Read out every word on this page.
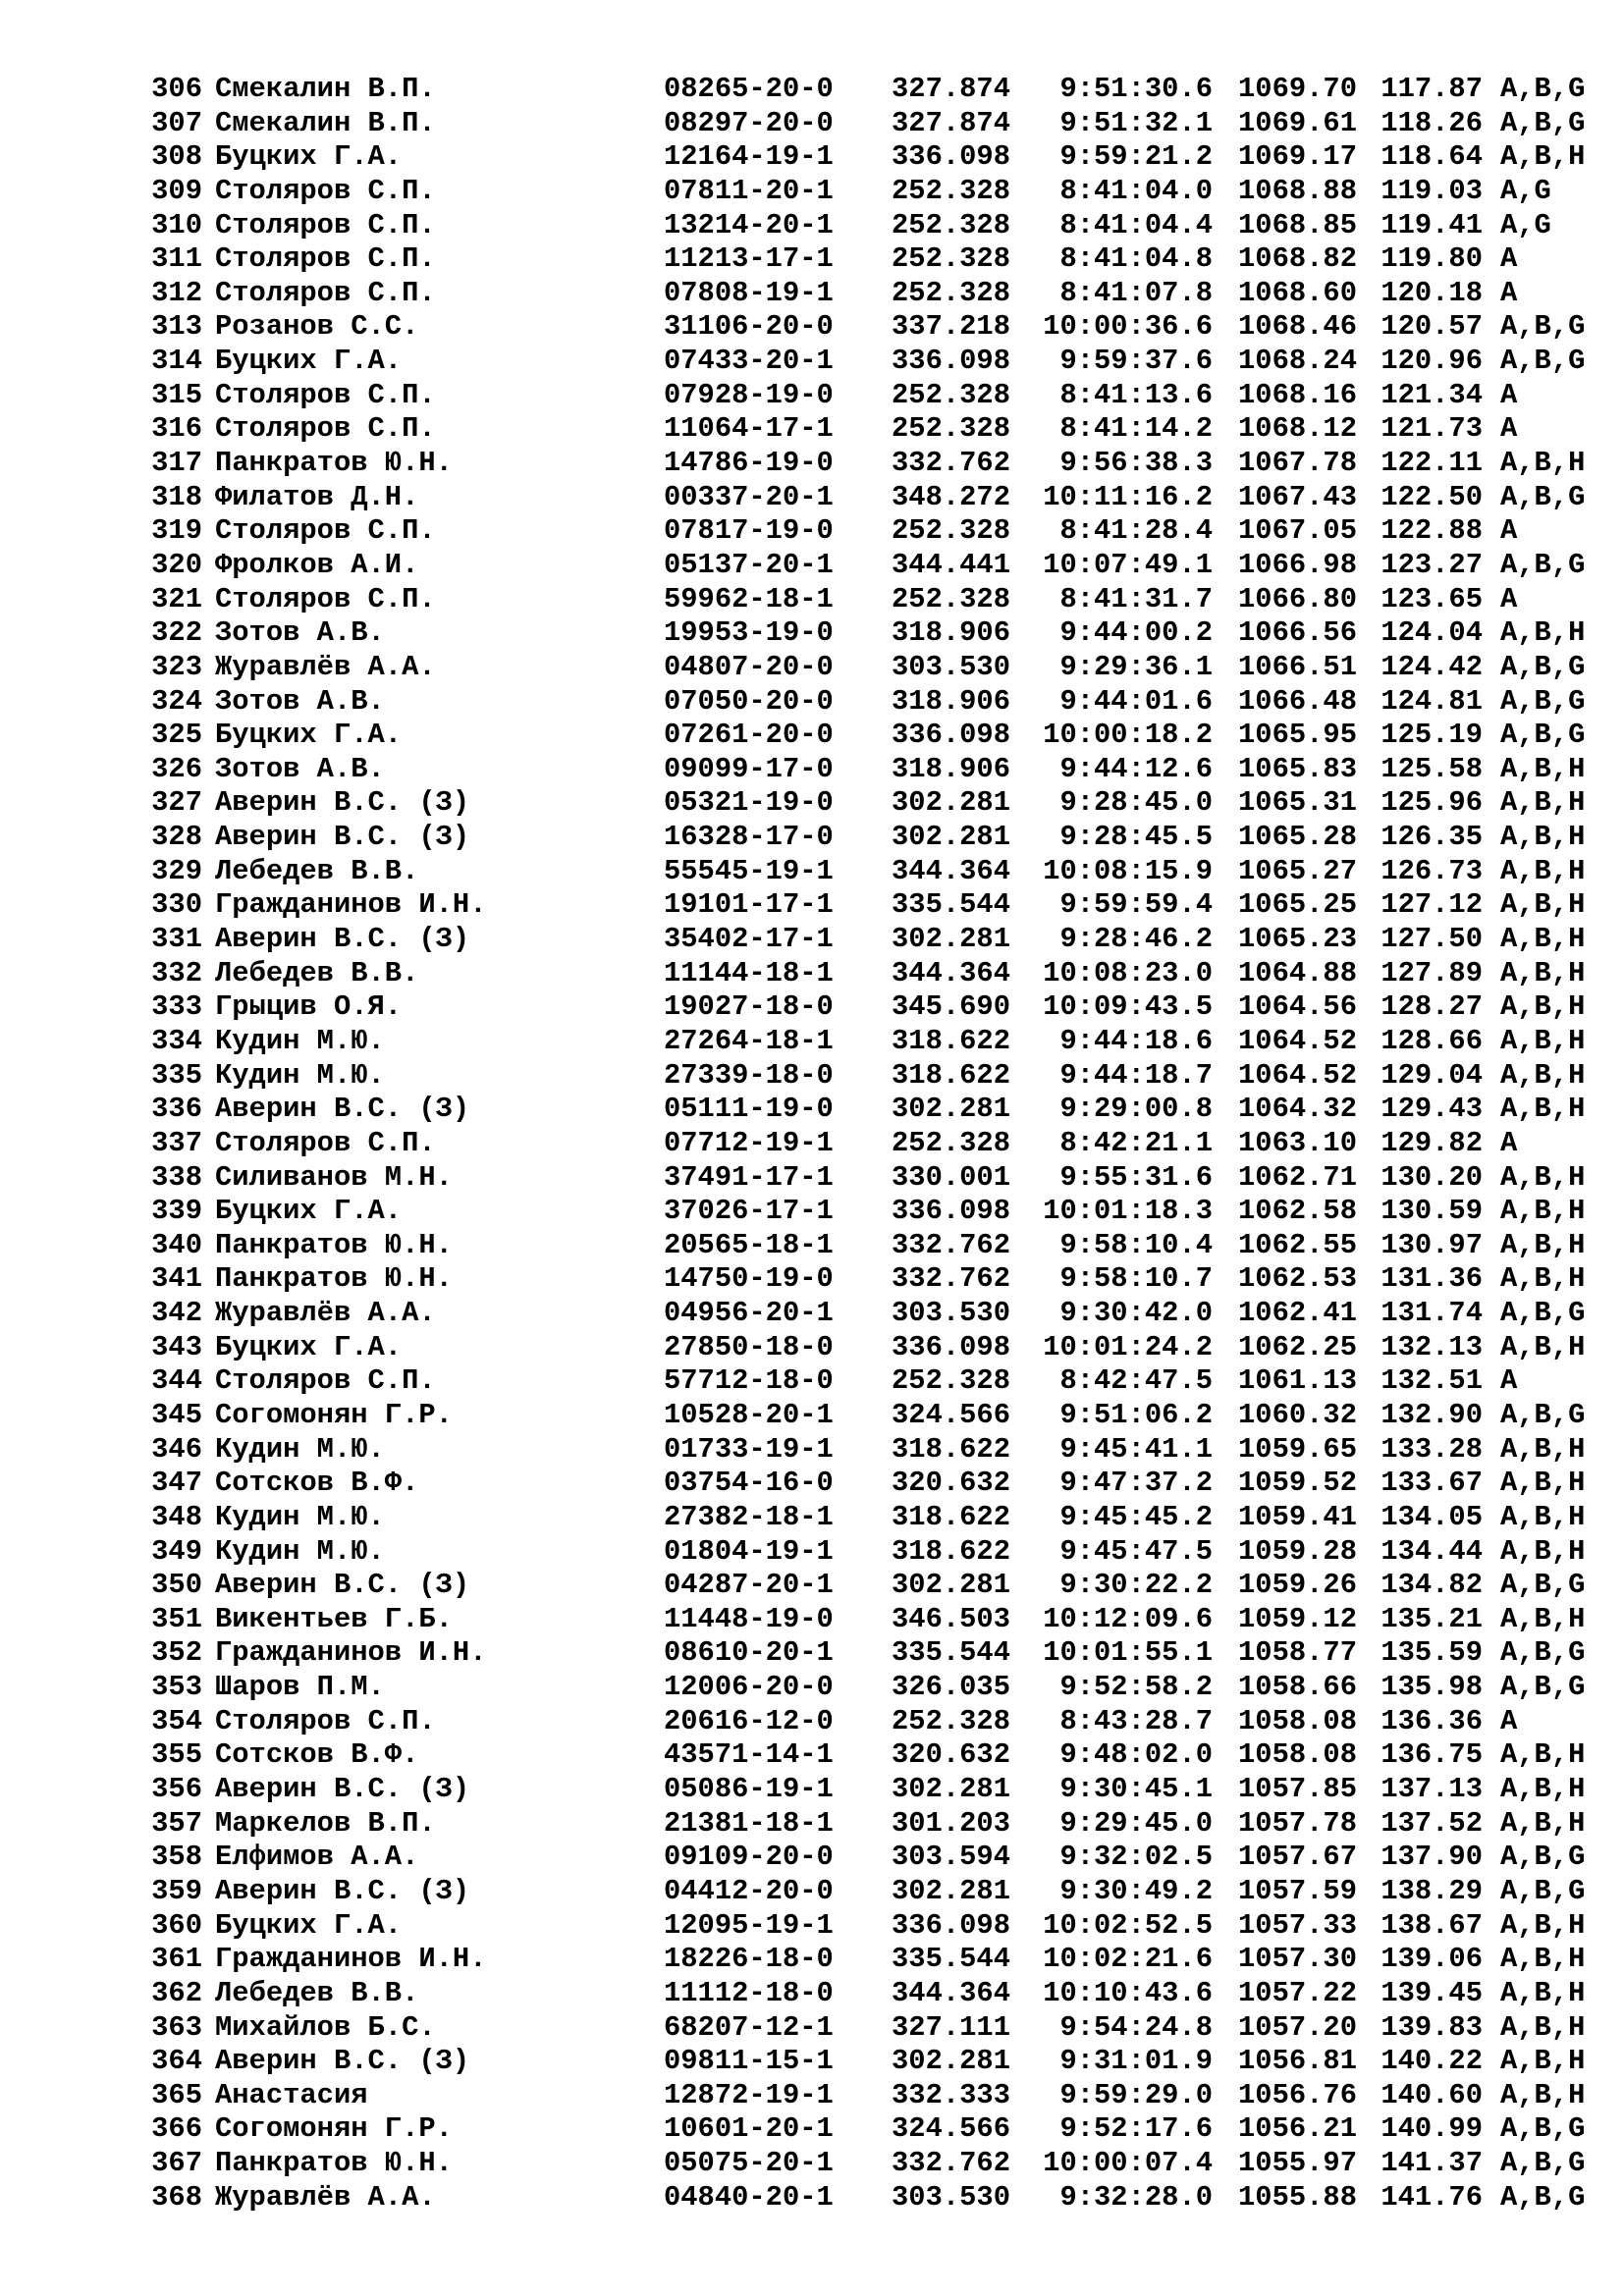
306 Смекалин В.П.	08265-20-0 327.874 9:51:30.6 1069.70 117.87 A,B,G
307 Смекалин В.П.	08297-20-0 327.874 9:51:32.1 1069.61 118.26 A,B,G
308 Буцких Г.А.	12164-19-1 336.098 9:59:21.2 1069.17 118.64 A,B,H
309 Столяров С.П.	07811-20-1 252.328 8:41:04.0 1068.88 119.03 A,G
310 Столяров С.П.	13214-20-1 252.328 8:41:04.4 1068.85 119.41 A,G
311 Столяров С.П.	11213-17-1 252.328 8:41:04.8 1068.82 119.80 A
312 Столяров С.П.	07808-19-1 252.328 8:41:07.8 1068.60 120.18 A
313 Розанов С.С.	31106-20-0 337.218 10:00:36.6 1068.46 120.57 A,B,G
314 Буцких Г.А.	07433-20-1 336.098 9:59:37.6 1068.24 120.96 A,B,G
315 Столяров С.П.	07928-19-0 252.328 8:41:13.6 1068.16 121.34 A
316 Столяров С.П.	11064-17-1 252.328 8:41:14.2 1068.12 121.73 A
317 Панкратов Ю.Н.	14786-19-0 332.762 9:56:38.3 1067.78 122.11 A,B,H
318 Филатов Д.Н.	00337-20-1 348.272 10:11:16.2 1067.43 122.50 A,B,G
319 Столяров С.П.	07817-19-0 252.328 8:41:28.4 1067.05 122.88 A
320 Фролков А.И.	05137-20-1 344.441 10:07:49.1 1066.98 123.27 A,B,G
321 Столяров С.П.	59962-18-1 252.328 8:41:31.7 1066.80 123.65 A
322 Зотов А.В.	19953-19-0 318.906 9:44:00.2 1066.56 124.04 A,B,H
323 Журавлёв А.А.	04807-20-0 303.530 9:29:36.1 1066.51 124.42 A,B,G
324 Зотов А.В.	07050-20-0 318.906 9:44:01.6 1066.48 124.81 A,B,G
325 Буцких Г.А.	07261-20-0 336.098 10:00:18.2 1065.95 125.19 A,B,G
326 Зотов А.В.	09099-17-0 318.906 9:44:12.6 1065.83 125.58 A,B,H
327 Аверин В.С. (З)	05321-19-0 302.281 9:28:45.0 1065.31 125.96 A,B,H
328 Аверин В.С. (З)	16328-17-0 302.281 9:28:45.5 1065.28 126.35 A,B,H
329 Лебедев В.В.	55545-19-1 344.364 10:08:15.9 1065.27 126.73 A,B,H
330 Гражданинов И.Н.	19101-17-1 335.544 9:59:59.4 1065.25 127.12 A,B,H
331 Аверин В.С. (З)	35402-17-1 302.281 9:28:46.2 1065.23 127.50 A,B,H
332 Лебедев В.В.	11144-18-1 344.364 10:08:23.0 1064.88 127.89 A,B,H
333 Грыцив О.Я.	19027-18-0 345.690 10:09:43.5 1064.56 128.27 A,B,H
334 Кудин М.Ю.	27264-18-1 318.622 9:44:18.6 1064.52 128.66 A,B,H
335 Кудин М.Ю.	27339-18-0 318.622 9:44:18.7 1064.52 129.04 A,B,H
336 Аверин В.С. (З)	05111-19-0 302.281 9:29:00.8 1064.32 129.43 A,B,H
337 Столяров С.П.	07712-19-1 252.328 8:42:21.1 1063.10 129.82 A
338 Силиванов М.Н.	37491-17-1 330.001 9:55:31.6 1062.71 130.20 A,B,H
339 Буцких Г.А.	37026-17-1 336.098 10:01:18.3 1062.58 130.59 A,B,H
340 Панкратов Ю.Н.	20565-18-1 332.762 9:58:10.4 1062.55 130.97 A,B,H
341 Панкратов Ю.Н.	14750-19-0 332.762 9:58:10.7 1062.53 131.36 A,B,H
342 Журавлёв А.А.	04956-20-1 303.530 9:30:42.0 1062.41 131.74 A,B,G
343 Буцких Г.А.	27850-18-0 336.098 10:01:24.2 1062.25 132.13 A,B,H
344 Столяров С.П.	57712-18-0 252.328 8:42:47.5 1061.13 132.51 A
345 Согомонян Г.Р.	10528-20-1 324.566 9:51:06.2 1060.32 132.90 A,B,G
346 Кудин М.Ю.	01733-19-1 318.622 9:45:41.1 1059.65 133.28 A,B,H
347 Сотсков В.Ф.	03754-16-0 320.632 9:47:37.2 1059.52 133.67 A,B,H
348 Кудин М.Ю.	27382-18-1 318.622 9:45:45.2 1059.41 134.05 A,B,H
349 Кудин М.Ю.	01804-19-1 318.622 9:45:47.5 1059.28 134.44 A,B,H
350 Аверин В.С. (З)	04287-20-1 302.281 9:30:22.2 1059.26 134.82 A,B,G
351 Викентьев Г.Б.	11448-19-0 346.503 10:12:09.6 1059.12 135.21 A,B,H
352 Гражданинов И.Н.	08610-20-1 335.544 10:01:55.1 1058.77 135.59 A,B,G
353 Шаров П.М.	12006-20-0 326.035 9:52:58.2 1058.66 135.98 A,B,G
354 Столяров С.П.	20616-12-0 252.328 8:43:28.7 1058.08 136.36 A
355 Сотсков В.Ф.	43571-14-1 320.632 9:48:02.0 1058.08 136.75 A,B,H
356 Аверин В.С. (З)	05086-19-1 302.281 9:30:45.1 1057.85 137.13 A,B,H
357 Маркелов В.П.	21381-18-1 301.203 9:29:45.0 1057.78 137.52 A,B,H
358 Елфимов А.А.	09109-20-0 303.594 9:32:02.5 1057.67 137.90 A,B,G
359 Аверин В.С. (З)	04412-20-0 302.281 9:30:49.2 1057.59 138.29 A,B,G
360 Буцких Г.А.	12095-19-1 336.098 10:02:52.5 1057.33 138.67 A,B,H
361 Гражданинов И.Н.	18226-18-0 335.544 10:02:21.6 1057.30 139.06 A,B,H
362 Лебедев В.В.	11112-18-0 344.364 10:10:43.6 1057.22 139.45 A,B,H
363 Михайлов Б.С.	68207-12-1 327.111 9:54:24.8 1057.20 139.83 A,B,H
364 Аверин В.С. (З)	09811-15-1 302.281 9:31:01.9 1056.81 140.22 A,B,H
365 Анастасия	12872-19-1 332.333 9:59:29.0 1056.76 140.60 A,B,H
366 Согомонян Г.Р.	10601-20-1 324.566 9:52:17.6 1056.21 140.99 A,B,G
367 Панкратов Ю.Н.	05075-20-1 332.762 10:00:07.4 1055.97 141.37 A,B,G
368 Журавлёв А.А.	04840-20-1 303.530 9:32:28.0 1055.88 141.76 A,B,G
